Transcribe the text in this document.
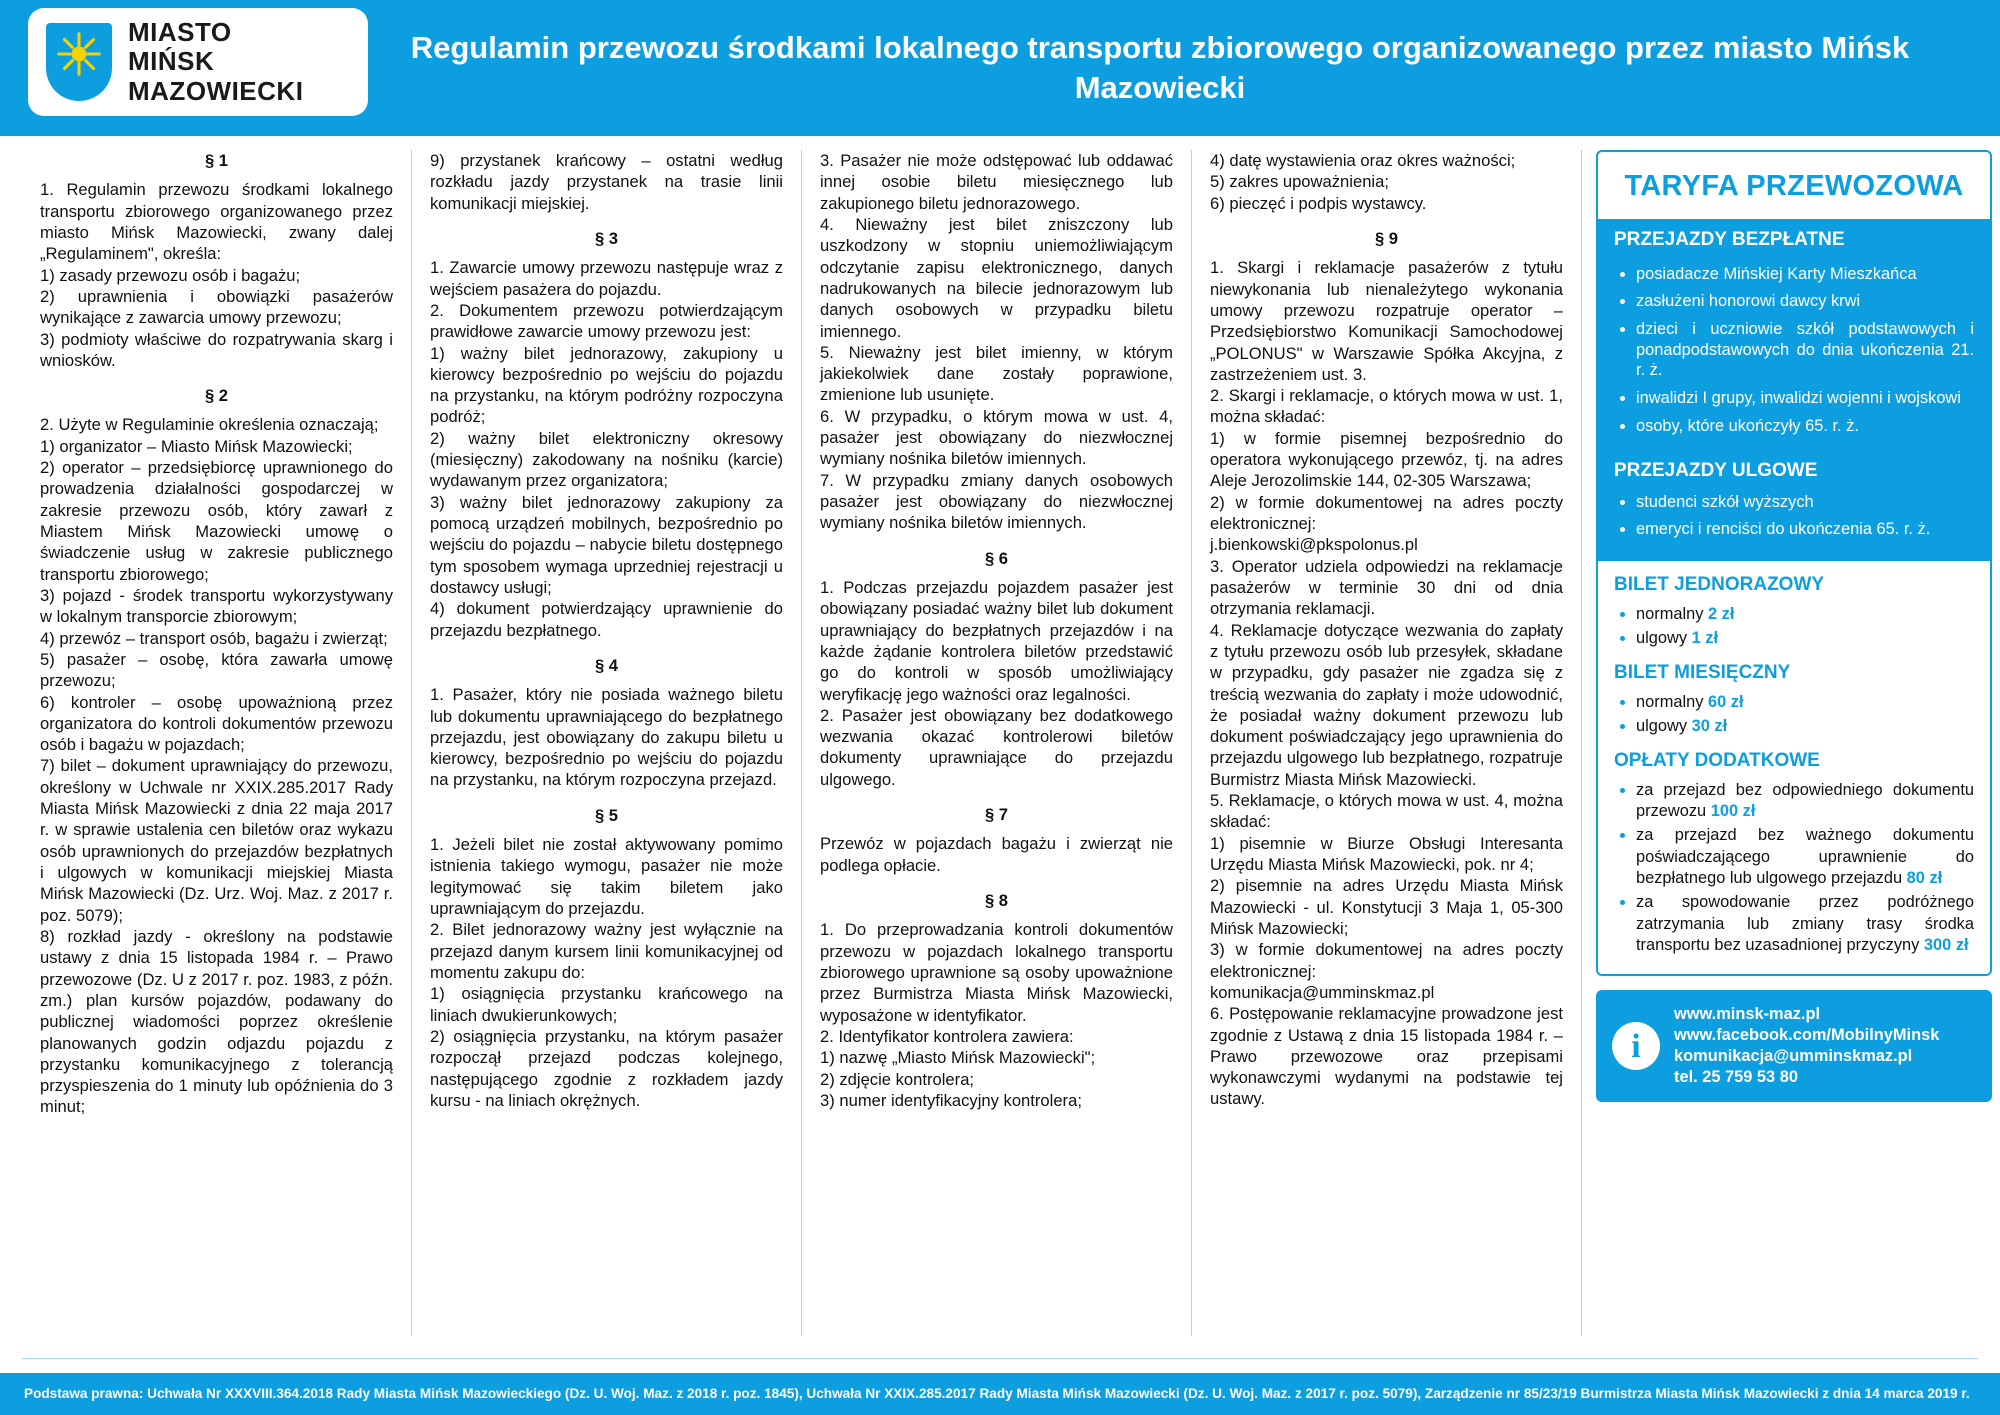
MIASTO
MIŃSK
MAZOWIECKI
Regulamin przewozu środkami lokalnego transportu zbiorowego organizowanego przez miasto Mińsk Mazowiecki
§ 1

1. Regulamin przewozu środkami lokalnego transportu zbiorowego organizowanego przez miasto Mińsk Mazowiecki, zwany dalej „Regulaminem", określa:

1) zasady przewozu osób i bagażu;

2) uprawnienia i obowiązki pasażerów wynikające z zawarcia umowy przewozu;

3) podmioty właściwe do rozpatrywania skarg i wniosków.

§ 2

2. Użyte w Regulaminie określenia oznaczają;

1) organizator – Miasto Mińsk Mazowiecki;

2) operator – przedsiębiorcę uprawnionego do prowadzenia działalności gospodarczej w zakresie przewozu osób, który zawarł z Miastem Mińsk Mazowiecki umowę o świadczenie usług w zakresie publicznego transportu zbiorowego;

3) pojazd - środek transportu wykorzystywany w lokalnym transporcie zbiorowym;

4) przewóz – transport osób, bagażu i zwierząt;

5) pasażer – osobę, która zawarła umowę przewozu;

6) kontroler – osobę upoważnioną przez organizatora do kontroli dokumentów przewozu osób i bagażu w pojazdach;

7) bilet – dokument uprawniający do przewozu, określony w Uchwale nr XXIX.285.2017 Rady Miasta Mińsk Mazowiecki z dnia 22 maja 2017 r. w sprawie ustalenia cen biletów oraz wykazu osób uprawnionych do przejazdów bezpłatnych i ulgowych w komunikacji miejskiej Miasta Mińsk Mazowiecki (Dz. Urz. Woj. Maz. z 2017 r. poz. 5079);

8) rozkład jazdy - określony na podstawie ustawy z dnia 15 listopada 1984 r. – Prawo przewozowe (Dz. U z 2017 r. poz. 1983, z późn. zm.) plan kursów pojazdów, podawany do publicznej wiadomości poprzez określenie planowanych godzin odjazdu pojazdu z przystanku komunikacyjnego z tolerancją przyspieszenia do 1 minuty lub opóźnienia do 3 minut;

9) przystanek krańcowy – ostatni według rozkładu jazdy przystanek na trasie linii komunikacji miejskiej.

§ 3

1. Zawarcie umowy przewozu następuje wraz z wejściem pasażera do pojazdu.

2. Dokumentem przewozu potwierdzającym prawidłowe zawarcie umowy przewozu jest:

1) ważny bilet jednorazowy, zakupiony u kierowcy bezpośrednio po wejściu do pojazdu na przystanku, na którym podróżny rozpoczyna podróż;

2) ważny bilet elektroniczny okresowy (miesięczny) zakodowany na nośniku (karcie) wydawanym przez organizatora;

3) ważny bilet jednorazowy zakupiony za pomocą urządzeń mobilnych, bezpośrednio po wejściu do pojazdu – nabycie biletu dostępnego tym sposobem wymaga uprzedniej rejestracji u dostawcy usługi;

4) dokument potwierdzający uprawnienie do przejazdu bezpłatnego.

§ 4

1. Pasażer, który nie posiada ważnego biletu lub dokumentu uprawniającego do bezpłatnego przejazdu, jest obowiązany do zakupu biletu u kierowcy, bezpośrednio po wejściu do pojazdu na przystanku, na którym rozpoczyna przejazd.

§ 5

1. Jeżeli bilet nie został aktywowany pomimo istnienia takiego wymogu, pasażer nie może legitymować się takim biletem jako uprawniającym do przejazdu.

2. Bilet jednorazowy ważny jest wyłącznie na przejazd danym kursem linii komunikacyjnej od momentu zakupu do:

1) osiągnięcia przystanku krańcowego na liniach dwukierunkowych;

2) osiągnięcia przystanku, na którym pasażer rozpoczął przejazd podczas kolejnego, następującego zgodnie z rozkładem jazdy kursu - na liniach okrężnych.

3. Pasażer nie może odstępować lub oddawać innej osobie biletu miesięcznego lub zakupionego biletu jednorazowego.

4. Nieważny jest bilet zniszczony lub uszkodzony w stopniu uniemożliwiającym odczytanie zapisu elektronicznego, danych nadrukowanych na bilecie jednorazowym lub danych osobowych w przypadku biletu imiennego.

5. Nieważny jest bilet imienny, w którym jakiekolwiek dane zostały poprawione, zmienione lub usunięte.

6. W przypadku, o którym mowa w ust. 4, pasażer jest obowiązany do niezwłocznej wymiany nośnika biletów imiennych.

7. W przypadku zmiany danych osobowych pasażer jest obowiązany do niezwłocznej wymiany nośnika biletów imiennych.

§ 6

1. Podczas przejazdu pojazdem pasażer jest obowiązany posiadać ważny bilet lub dokument uprawniający do bezpłatnych przejazdów i na każde żądanie kontrolera biletów przedstawić go do kontroli w sposób umożliwiający weryfikację jego ważności oraz legalności.

2. Pasażer jest obowiązany bez dodatkowego wezwania okazać kontrolerowi biletów dokumenty uprawniające do przejazdu ulgowego.

§ 7

Przewóz w pojazdach bagażu i zwierząt nie podlega opłacie.

§ 8

1. Do przeprowadzania kontroli dokumentów przewozu w pojazdach lokalnego transportu zbiorowego uprawnione są osoby upoważnione przez Burmistrza Miasta Mińsk Mazowiecki, wyposażone w identyfikator.

2. Identyfikator kontrolera zawiera:

1) nazwę „Miasto Mińsk Mazowiecki";

2) zdjęcie kontrolera;

3) numer identyfikacyjny kontrolera;

4) datę wystawienia oraz okres ważności;

5) zakres upoważnienia;

6) pieczęć i podpis wystawcy.

§ 9

1. Skargi i reklamacje pasażerów z tytułu niewykonania lub nienależytego wykonania umowy przewozu rozpatruje operator – Przedsiębiorstwo Komunikacji Samochodowej „POLONUS" w Warszawie Spółka Akcyjna, z zastrzeżeniem ust. 3.

2. Skargi i reklamacje, o których mowa w ust. 1, można składać:

1) w formie pisemnej bezpośrednio do operatora wykonującego przewóz, tj. na adres Aleje Jerozolimskie 144, 02-305 Warszawa;

2) w formie dokumentowej na adres poczty elektronicznej:

j.bienkowski@pkspolonus.pl

3. Operator udziela odpowiedzi na reklamacje pasażerów w terminie 30 dni od dnia otrzymania reklamacji.

4. Reklamacje dotyczące wezwania do zapłaty z tytułu przewozu osób lub przesyłek, składane w przypadku, gdy pasażer nie zgadza się z treścią wezwania do zapłaty i może udowodnić, że posiadał ważny dokument przewozu lub dokument poświadczający jego uprawnienia do przejazdu ulgowego lub bezpłatnego, rozpatruje Burmistrz Miasta Mińsk Mazowiecki.

5. Reklamacje, o których mowa w ust. 4, można składać:

1) pisemnie w Biurze Obsługi Interesanta Urzędu Miasta Mińsk Mazowiecki, pok. nr 4;

2) pisemnie na adres Urzędu Miasta Mińsk Mazowiecki - ul. Konstytucji 3 Maja 1, 05-300 Mińsk Mazowiecki;

3) w formie dokumentowej na adres poczty elektronicznej:

komunikacja@umminskmaz.pl

6. Postępowanie reklamacyjne prowadzone jest zgodnie z Ustawą z dnia 15 listopada 1984 r. – Prawo przewozowe oraz przepisami wykonawczymi wydanymi na podstawie tej ustawy.

TARYFA PRZEWOZOWA
PRZEJAZDY BEZPŁATNE
• posiadacze Mińskiej Karty Mieszkańca
• zasłużeni honorowi dawcy krwi
• dzieci i uczniowie szkół podstawowych i ponadpodstawowych do dnia ukończenia 21. r. ż.
• inwalidzi I grupy, inwalidzi wojenni i wojskowi
• osoby, które ukończyły 65. r. ż.
PRZEJAZDY ULGOWE
• studenci szkół wyższych
• emeryci i renciści do ukończenia 65. r. ż.
BILET JEDNORAZOWY
• normalny 2 zł
• ulgowy 1 zł
BILET MIESIĘCZNY
• normalny 60 zł
• ulgowy 30 zł
OPŁATY DODATKOWE
• za przejazd bez odpowiedniego dokumentu przewozu 100 zł
• za przejazd bez ważnego dokumentu poświadczającego uprawnienie do bezpłatnego lub ulgowego przejazdu 80 zł
• za spowodowanie przez podróżnego zatrzymania lub zmiany trasy środka transportu bez uzasadnionej przyczyny 300 zł
i
www.minsk-maz.pl
www.facebook.com/MobilnyMinsk
komunikacja@umminskmaz.pl
tel. 25 759 53 80
Podstawa prawna: Uchwała Nr XXXVIII.364.2018 Rady Miasta Mińsk Mazowieckiego (Dz. U. Woj. Maz. z 2018 r. poz. 1845), Uchwała Nr XXIX.285.2017 Rady Miasta Mińsk Mazowiecki (Dz. U. Woj. Maz. z 2017 r. poz. 5079), Zarządzenie nr 85/23/19 Burmistrza Miasta Mińsk Mazowiecki z dnia 14 marca 2019 r.
